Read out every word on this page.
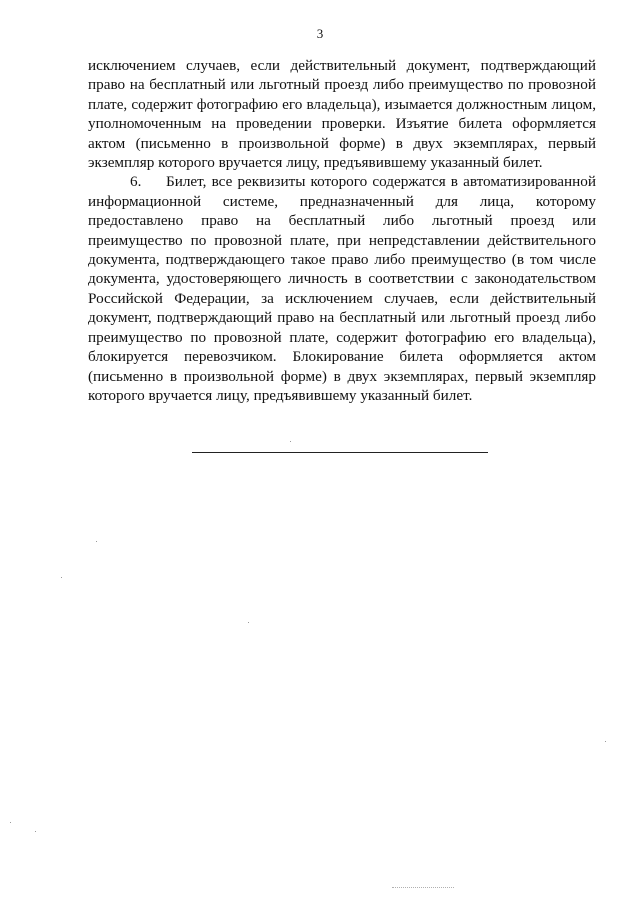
3

исключением случаев, если действительный документ, подтверждающий право на бесплатный или льготный проезд либо преимущество по провозной плате, содержит фотографию его владельца), изымается должностным лицом, уполномоченным на проведении проверки. Изъятие билета оформляется актом (письменно в произвольной форме) в двух экземплярах, первый экземпляр которого вручается лицу, предъявившему указанный билет.

6. Билет, все реквизиты которого содержатся в автоматизированной информационной системе, предназначенный для лица, которому предоставлено право на бесплатный либо льготный проезд или преимущество по провозной плате, при непредставлении действительного документа, подтверждающего такое право либо преимущество (в том числе документа, удостоверяющего личность в соответствии с законодательством Российской Федерации, за исключением случаев, если действительный документ, подтверждающий право на бесплатный или льготный проезд либо преимущество по провозной плате, содержит фотографию его владельца), блокируется перевозчиком. Блокирование билета оформляется актом (письменно в произвольной форме) в двух экземплярах, первый экземпляр которого вручается лицу, предъявившему указанный билет.
